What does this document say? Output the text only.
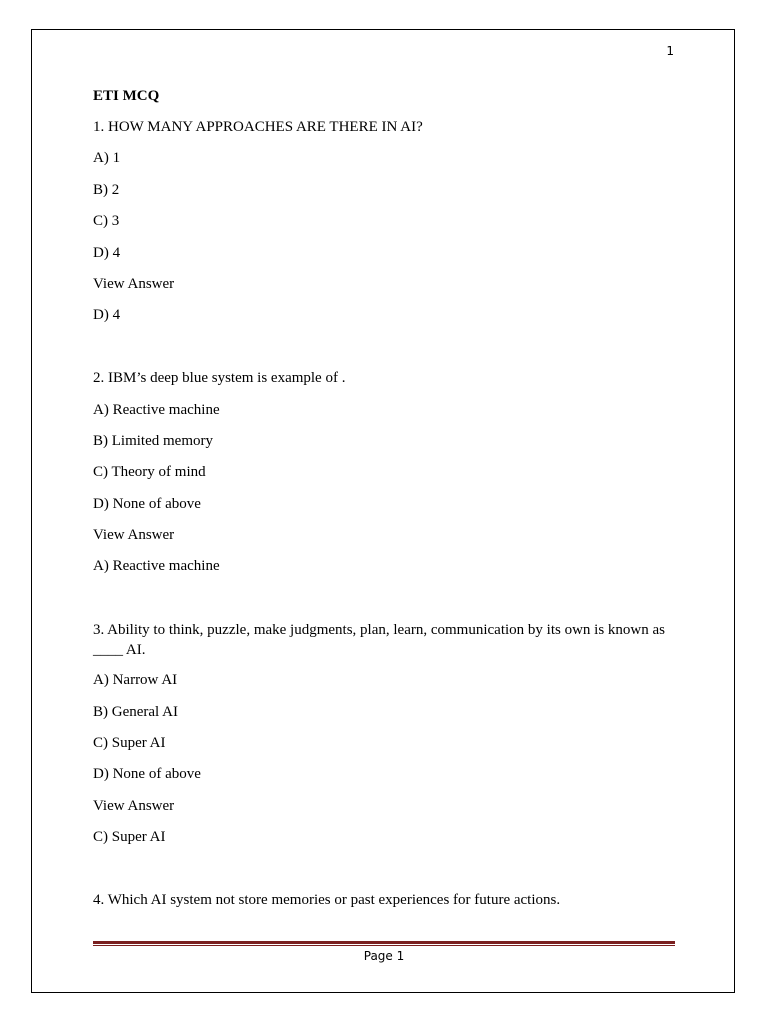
1

ETI MCQ

1. HOW MANY APPROACHES ARE THERE IN AI?

A) 1

B) 2

C) 3

D) 4

View Answer

D) 4

2. IBM’s deep blue system is example of .

A) Reactive machine

B) Limited memory

C) Theory of mind

D) None of above

View Answer

A) Reactive machine

3. Ability to think, puzzle, make judgments, plan, learn, communication by its own is known as ____ AI.

A) Narrow AI

B) General AI

C) Super AI

D) None of above

View Answer

C) Super AI

4. Which AI system not store memories or past experiences for future actions.

Page 1
